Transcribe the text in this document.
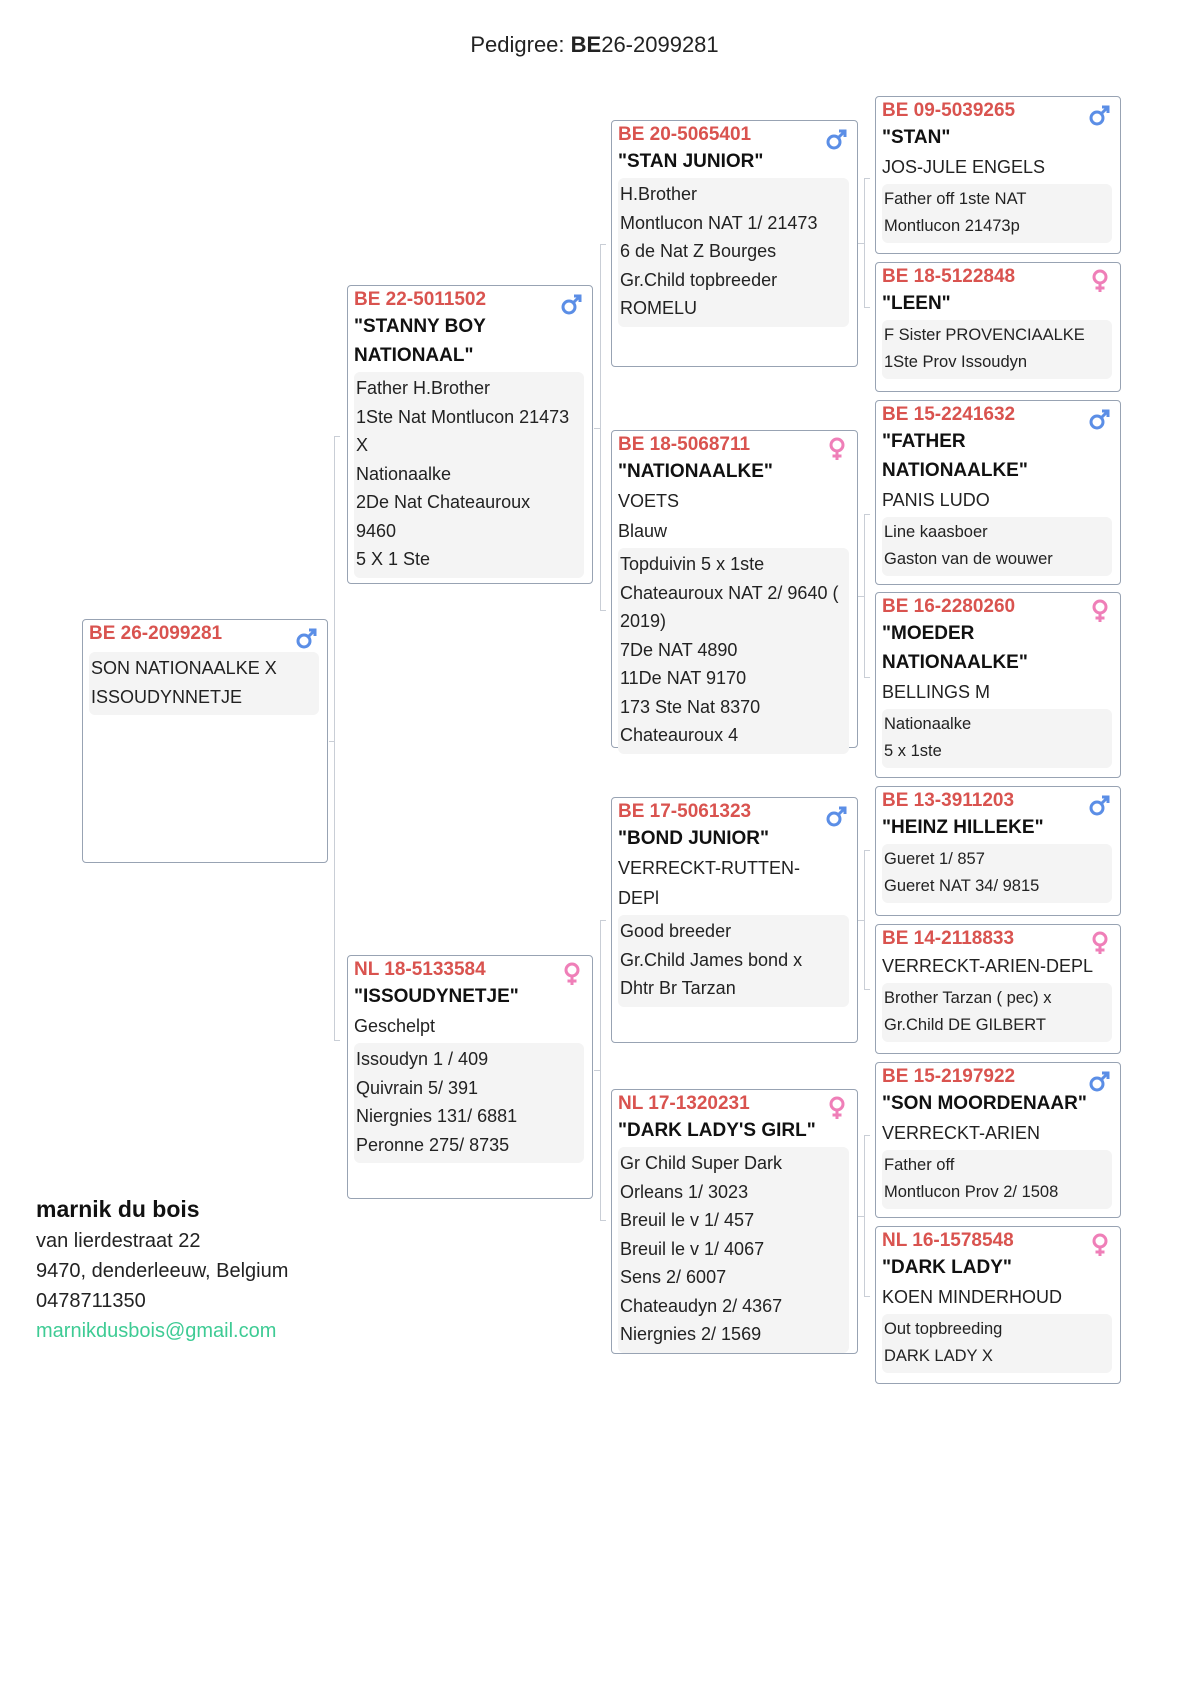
Pedigree: BE26-2099281
BE 26-2099281
SON NATIONAALKE X
ISSOUDYNNETJE
BE 22-5011502
"STANNY BOY
NATIONAAL"
Father H.Brother
1Ste Nat Montlucon 21473
X
Nationaalke
2De Nat Chateauroux
9460
5 X 1 Ste
NL 18-5133584
"ISSOUDYNETJE"
Geschelpt
Issoudyn 1 / 409
Quivrain 5/ 391
Niergnies 131/ 6881
Peronne 275/ 8735
BE 20-5065401
"STAN JUNIOR"
H.Brother
Montlucon NAT 1/ 21473
6 de Nat Z Bourges
Gr.Child topbreeder
ROMELU
BE 18-5068711
"NATIONAALKE"
VOETS
Blauw
Topduivin 5 x 1ste
Chateauroux NAT 2/ 9640 (
2019)
7De NAT 4890
11De NAT 9170
173 Ste Nat 8370
Chateauroux 4
BE 17-5061323
"BOND JUNIOR"
VERRECKT-RUTTEN-
DEPl
Good breeder
Gr.Child James bond x
Dhtr Br Tarzan
NL 17-1320231
"DARK LADY'S GIRL"
Gr Child Super Dark
Orleans 1/ 3023
Breuil le v 1/ 457
Breuil le v 1/ 4067
Sens 2/ 6007
Chateaudyn 2/ 4367
Niergnies 2/ 1569
BE 09-5039265
"STAN"
JOS-JULE ENGELS
Father off 1ste NAT
Montlucon 21473p
BE 18-5122848
"LEEN"
F Sister PROVENCIAALKE
1Ste Prov Issoudyn
BE 15-2241632
"FATHER
NATIONAALKE"
PANIS LUDO
Line kaasboer
Gaston van de wouwer
BE 16-2280260
"MOEDER
NATIONAALKE"
BELLINGS M
Nationaalke
5 x 1ste
BE 13-3911203
"HEINZ HILLEKE"
Gueret 1/ 857
Gueret NAT 34/ 9815
BE 14-2118833
VERRECKT-ARIEN-DEPL
Brother Tarzan ( pec) x
Gr.Child DE GILBERT
BE 15-2197922
"SON MOORDENAAR"
VERRECKT-ARIEN
Father off
Montlucon Prov 2/ 1508
NL 16-1578548
"DARK LADY"
KOEN MINDERHOUD
Out topbreeding
DARK LADY X
marnik du bois
van lierdestraat 22
9470, denderleeuw, Belgium
0478711350
marnikdusbois@gmail.com
